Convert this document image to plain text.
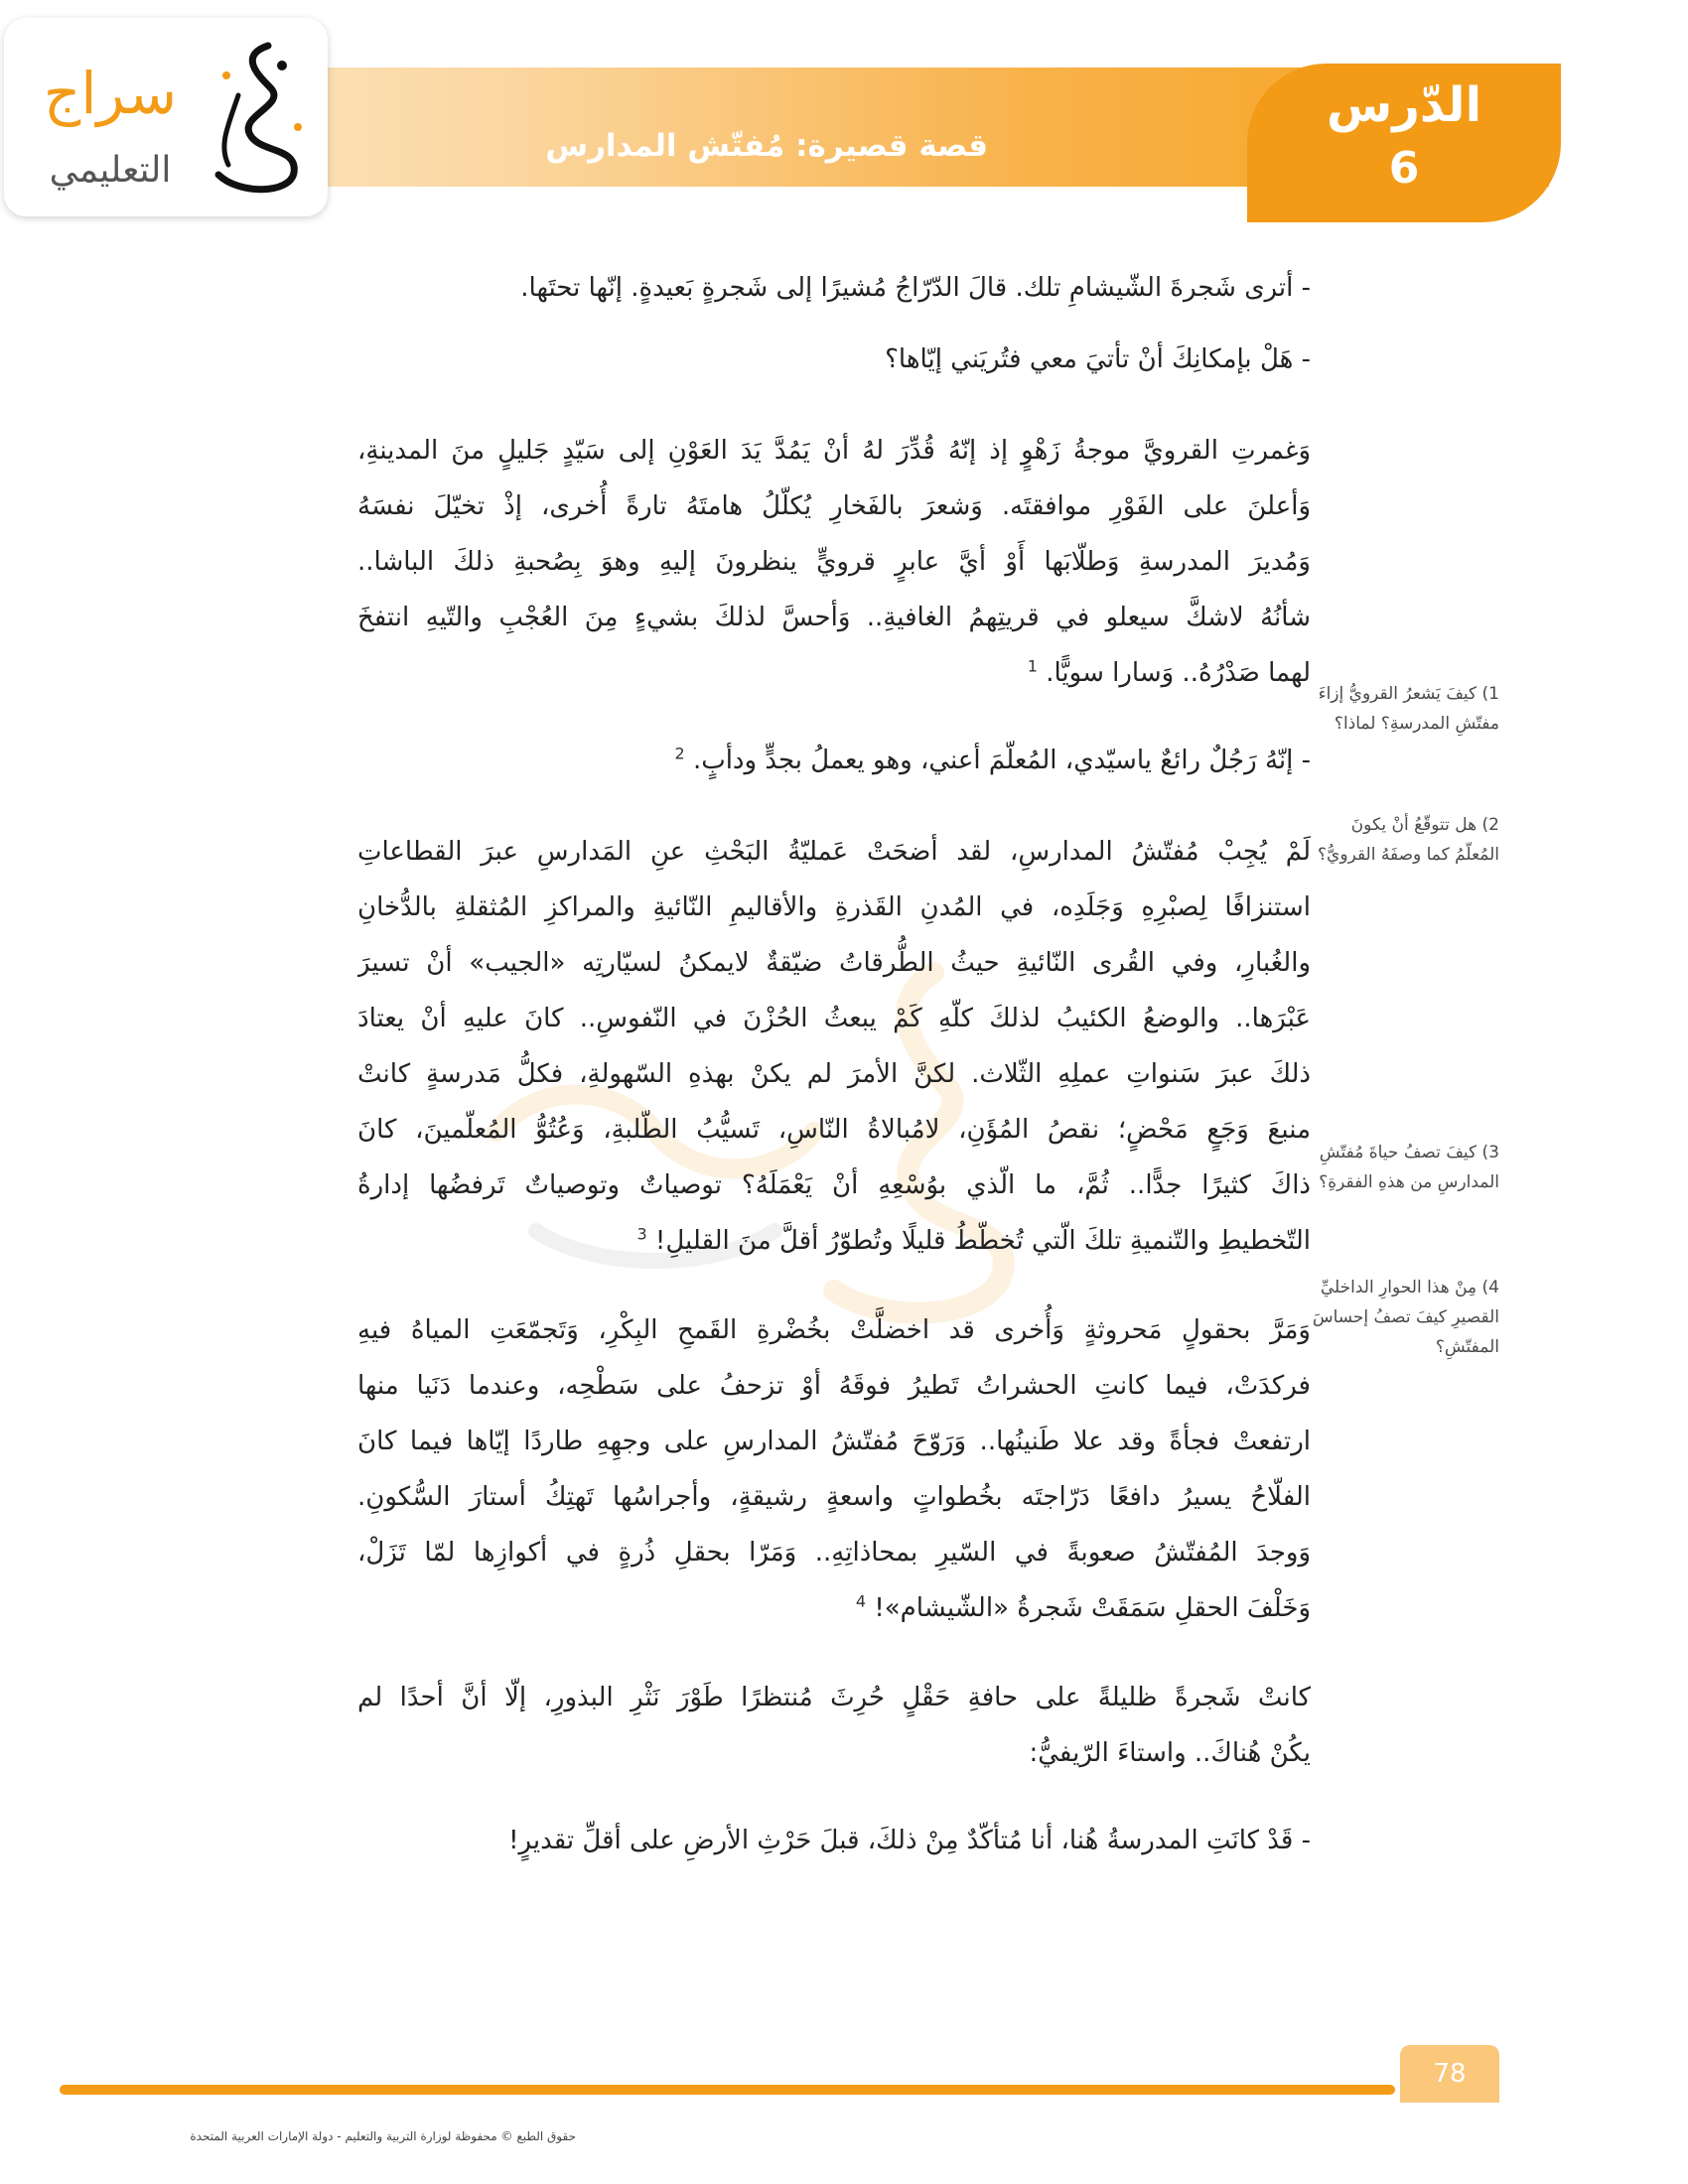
قصة قصيرة: مُفتّش المدارس
الدّرس
6
سراج
التعليمي
- أترى شَجرةَ الشّيشامِ تلك. قالَ الدّرّاجُ مُشيرًا إلى شَجرةٍ بَعيدةٍ. إنّها تحتَها.
- هَلْ بإمكانِكَ أنْ تأتيَ معي فتُريَني إيّاها؟
وَغمرتِ القرويَّ موجةُ زَهْوٍ إذ إنّهُ قُدِّرَ لهُ أنْ يَمُدَّ يَدَ العَوْنِ إلى سَيّدٍ جَليلٍ منَ المدينةِ،
وَأعلنَ على الفَوْرِ موافقتَه. وَشعرَ بالفَخارِ يُكلّلُ هامتَهُ تارةً أُخرى، إذْ تخيّلَ نفسَهُ
وَمُديرَ المدرسةِ وَطلّابَها أَوْ أيَّ عابرٍ قرويٍّ ينظرونَ إليهِ وهوَ بِصُحبةِ ذلكَ الباشا..
شأنُهُ لاشكَّ سيعلو في قريتِهمُ الغافيةِ.. وَأحسَّ لذلكَ بشيءٍ مِنَ العُجْبِ والتّيهِ انتفخَ
لهما صَدْرُهُ.. وَسارا سويًّا. $^1$
- إنّهُ رَجُلٌ رائعٌ ياسيّدي، المُعلّمَ أعني، وهو يعملُ بجدٍّ ودأبٍ. $^2$
لَمْ يُجِبْ مُفتّشُ المدارسِ، لقد أضحَتْ عَمليّةُ البَحْثِ عنِ المَدارسِ عبرَ القطاعاتِ
استنزافًا لِصبْرِهِ وَجَلَدِه، في المُدنِ القَذرةِ والأقاليمِ النّائيةِ والمراكزِ المُثقلةِ بالدُّخانِ
والغُبارِ، وفي القُرى النّائيةِ حيثُ الطُّرقاتُ ضيّقةٌ لايمكنُ لسيّارتِه «الجيب» أنْ تسيرَ
عَبْرَها.. والوضعُ الكئيبُ لذلكَ كلّهِ كَمْ يبعثُ الحُزْنَ في النّفوسِ.. كانَ عليهِ أنْ يعتادَ
ذلكَ عبرَ سَنواتِ عملِهِ الثّلاث. لكنَّ الأمرَ لم يكنْ بهذهِ السّهولةِ، فكلُّ مَدرسةٍ كانتْ
منبعَ وَجَعٍ مَحْضٍ؛ نقصُ المُؤَنِ، لامُبالاةُ النّاسِ، تَسيُّبُ الطّلبةِ، وَعُتُوُّ المُعلّمينَ، كانَ
ذاكَ كثيرًا جدًّا.. ثُمَّ، ما الّذي بوُسْعِهِ أنْ يَعْمَلَهُ؟ توصياتٌ وتوصياتٌ تَرفضُها إدارةُ
التّخطيطِ والتّنميةِ تلكَ الّتي تُخطّطُ قليلًا وتُطوّرُ أقلَّ منَ القليلِ! $^3$
وَمَرَّ بحقولٍ مَحروثةٍ وَأُخرى قد اخضلَّتْ بخُضْرةِ القَمحِ البِكْرِ، وَتَجمّعَتِ المياهُ فيهِ
فركدَتْ، فيما كانتِ الحشراتُ تَطيرُ فوقَهُ أوْ تزحفُ على سَطْحِه، وعندما دَنَيا منها
ارتفعتْ فجأةً وقد علا طَنينُها.. وَرَوّحَ مُفتّشُ المدارسِ على وجهِهِ طاردًا إيّاها فيما كانَ
الفلّاحُ يسيرُ دافعًا دَرّاجتَه بخُطواتٍ واسعةٍ رشيقةٍ، وأجراسُها تَهتِكُ أستارَ السُّكونِ.
وَوجدَ المُفتّشُ صعوبةً في السّيرِ بمحاذاتِهِ.. وَمَرّا بحقلِ ذُرةٍ في أكوازِها لمّا تَزَلْ،
وَخَلْفَ الحقلِ سَمَقَتْ شَجرةُ «الشّيشام»! $^4$
كانتْ شَجرةً ظليلةً على حافةِ حَقْلٍ حُرِثَ مُنتظرًا طَوْرَ نَثْرِ البذورِ، إلّا أنَّ أحدًا لم
يكُنْ هُناكَ.. واستاءَ الرّيفيُّ:
- قَدْ كانَتِ المدرسةُ هُنا، أنا مُتأكّدٌ مِنْ ذلكَ، قبلَ حَرْثِ الأرضِ على أقلِّ تقديرٍ!
1) كيفَ يَشعرُ القرويُّ إزاءَ مفتّشِ المدرسةِ؟ لماذا؟
2) هل تتوقّعُ أنْ يكونَ المُعلّمُ كما وصفَهُ القرويُّ؟
3) كيفَ تصفُ حياةَ مُفتّشِ المدارسِ من هذهِ الفقرةِ؟
4) مِنْ هذا الحوارِ الداخليِّ القصيرِ كيفَ تصفُ إحساسَ المفتّشِ؟
78
حقوق الطبع © محفوظة لوزارة التربية والتعليم - دولة الإمارات العربية المتحدة
